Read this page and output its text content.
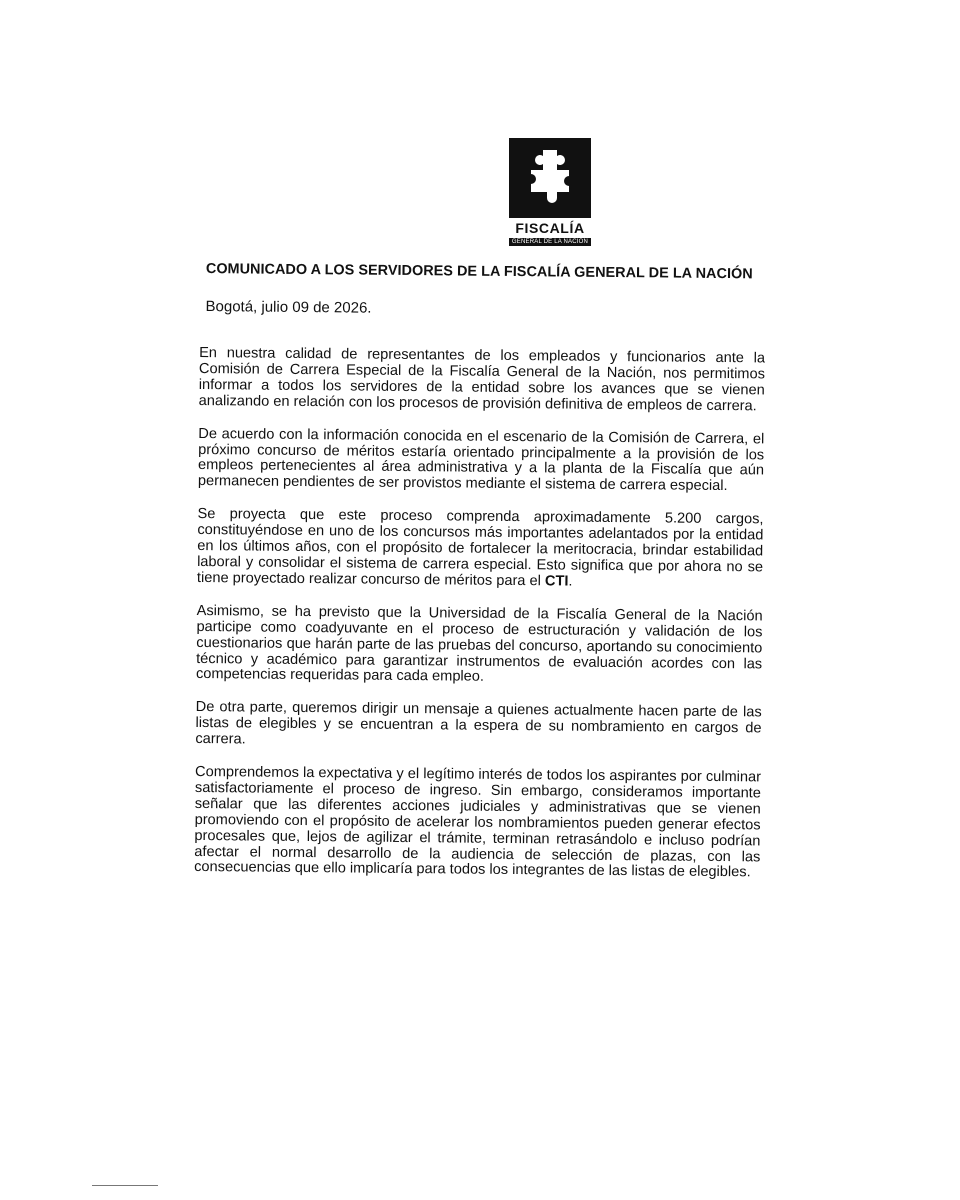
FISCALÍA
GENERAL DE LA NACIÓN
COMUNICADO A LOS SERVIDORES DE LA FISCALÍA GENERAL DE LA NACIÓN
Bogotá, julio 09 de 2026.

En nuestra calidad de representantes de los empleados y funcionarios ante la Comisión de Carrera Especial de la Fiscalía General de la Nación, nos permitimos informar a todos los servidores de la entidad sobre los avances que se vienen analizando en relación con los procesos de provisión definitiva de empleos de carrera.

De acuerdo con la información conocida en el escenario de la Comisión de Carrera, el próximo concurso de méritos estaría orientado principalmente a la provisión de los empleos pertenecientes al área administrativa y a la planta de la Fiscalía que aún permanecen pendientes de ser provistos mediante el sistema de carrera especial.

Se proyecta que este proceso comprenda aproximadamente 5.200 cargos, constituyéndose en uno de los concursos más importantes adelantados por la entidad en los últimos años, con el propósito de fortalecer la meritocracia, brindar estabilidad laboral y consolidar el sistema de carrera especial. Esto significa que por ahora no se tiene proyectado realizar concurso de méritos para el CTI.

Asimismo, se ha previsto que la Universidad de la Fiscalía General de la Nación participe como coadyuvante en el proceso de estructuración y validación de los cuestionarios que harán parte de las pruebas del concurso, aportando su conocimiento técnico y académico para garantizar instrumentos de evaluación acordes con las competencias requeridas para cada empleo.

De otra parte, queremos dirigir un mensaje a quienes actualmente hacen parte de las listas de elegibles y se encuentran a la espera de su nombramiento en cargos de carrera.

Comprendemos la expectativa y el legítimo interés de todos los aspirantes por culminar satisfactoriamente el proceso de ingreso. Sin embargo, consideramos importante señalar que las diferentes acciones judiciales y administrativas que se vienen promoviendo con el propósito de acelerar los nombramientos pueden generar efectos procesales que, lejos de agilizar el trámite, terminan retrasándolo e incluso podrían afectar el normal desarrollo de la audiencia de selección de plazas, con las consecuencias que ello implicaría para todos los integrantes de las listas de elegibles.
